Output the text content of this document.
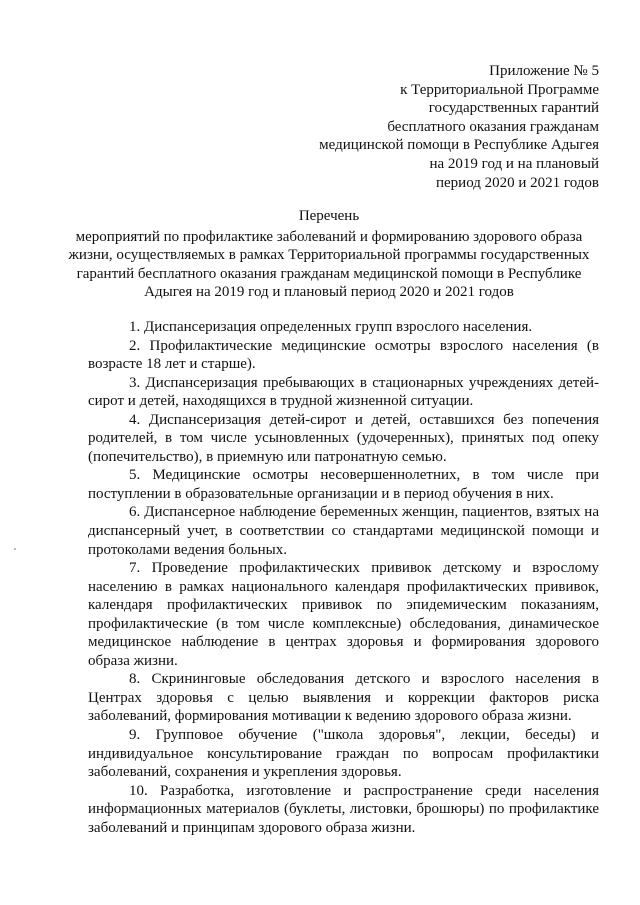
Приложение № 5
к Территориальной Программе
государственных гарантий
бесплатного оказания гражданам
медицинской помощи в Республике Адыгея
на 2019 год и на плановый
период 2020 и 2021 годов
Перечень
мероприятий по профилактике заболеваний и формированию здорового образа
жизни, осуществляемых в рамках Территориальной программы государственных
гарантий бесплатного оказания гражданам медицинской помощи в Республике
Адыгея на 2019 год и плановый период 2020 и 2021 годов

1. Диспансеризация определенных групп взрослого населения.

2. Профилактические медицинские осмотры взрослого населения (в возрасте 18 лет и старше).

3. Диспансеризация пребывающих в стационарных учреждениях детей-сирот и детей, находящихся в трудной жизненной ситуации.

4. Диспансеризация детей-сирот и детей, оставшихся без попечения родителей, в том числе усыновленных (удочеренных), принятых под опеку (попечительство), в приемную или патронатную семью.

5. Медицинские осмотры несовершеннолетних, в том числе при поступлении в образовательные организации и в период обучения в них.

6. Диспансерное наблюдение беременных женщин, пациентов, взятых на диспансерный учет, в соответствии со стандартами медицинской помощи и протоколами ведения больных.

7. Проведение профилактических прививок детскому и взрослому населению в рамках национального календаря профилактических прививок, календаря профилактических прививок по эпидемическим показаниям, профилактические (в том числе комплексные) обследования, динамическое медицинское наблюдение в центрах здоровья и формирования здорового образа жизни.

8. Скрининговые обследования детского и взрослого населения в Центрах здоровья с целью выявления и коррекции факторов риска заболеваний, формирования мотивации к ведению здорового образа жизни.

9. Групповое обучение ("школа здоровья", лекции, беседы) и индивидуальное консультирование граждан по вопросам профилактики заболеваний, сохранения и укрепления здоровья.

10. Разработка, изготовление и распространение среди населения информационных материалов (буклеты, листовки, брошюры) по профилактике заболеваний и принципам здорового образа жизни.
